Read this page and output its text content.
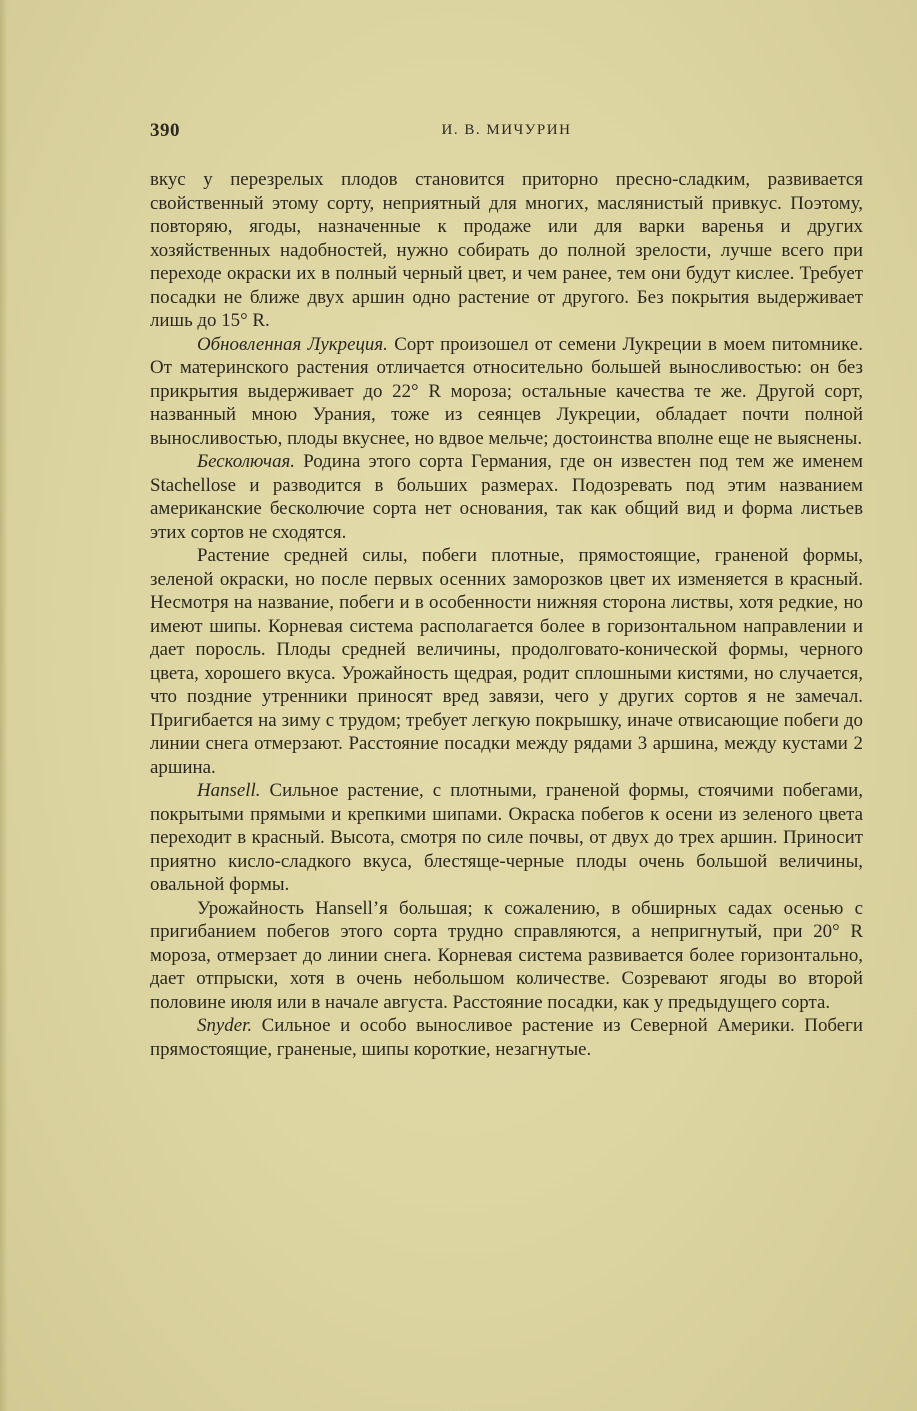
390	И. В. МИЧУРИН

вкус у перезрелых плодов становится приторно пресно-сладким, развивается свойственный этому сорту, неприятный для многих, маслянистый привкус. Поэтому, повторяю, ягоды, назначенные к продаже или для варки варенья и других хозяйственных надобностей, нужно собирать до полной зрелости, лучше всего при переходе окраски их в полный черный цвет, и чем ранее, тем они будут кислее. Требует посадки не ближе двух аршин одно растение от другого. Без покрытия выдерживает лишь до 15° R.

Обновленная Лукреция. Сорт произошел от семени Лукреции в моем питомнике. От материнского растения отличается относительно большей выносливостью: он без прикрытия выдерживает до 22° R мороза; остальные качества те же. Другой сорт, названный мною Урания, тоже из сеянцев Лукреции, обладает почти полной выносливостью, плоды вкуснее, но вдвое мельче; достоинства вполне еще не выяснены.

Бесколючая. Родина этого сорта Германия, где он известен под тем же именем Stachellose и разводится в больших размерах. Подозревать под этим названием американские бесколючие сорта нет основания, так как общий вид и форма листьев этих сортов не сходятся.

Растение средней силы, побеги плотные, прямостоящие, граненой формы, зеленой окраски, но после первых осенних заморозков цвет их изменяется в красный. Несмотря на название, побеги и в особенности нижняя сторона листвы, хотя редкие, но имеют шипы. Корневая система располагается более в горизонтальном направлении и дает поросль. Плоды средней величины, продолговато-конической формы, черного цвета, хорошего вкуса. Урожайность щедрая, родит сплошными кистями, но случается, что поздние утренники приносят вред завязи, чего у других сортов я не замечал. Пригибается на зиму с трудом; требует легкую покрышку, иначе отвисающие побеги до линии снега отмерзают. Расстояние посадки между рядами 3 аршина, между кустами 2 аршина.

Hansell. Сильное растение, с плотными, граненой формы, стоячими побегами, покрытыми прямыми и крепкими шипами. Окраска побегов к осени из зеленого цвета переходит в красный. Высота, смотря по силе почвы, от двух до трех аршин. Приносит приятно кисло-сладкого вкуса, блестяще-черные плоды очень большой величины, овальной формы.

Урожайность Hansell’я большая; к сожалению, в обширных садах осенью с пригибанием побегов этого сорта трудно справляются, а непригнутый, при 20° R мороза, отмерзает до линии снега. Корневая система развивается более горизонтально, дает отпрыски, хотя в очень небольшом количестве. Созревают ягоды во второй половине июля или в начале августа. Расстояние посадки, как у предыдущего сорта.

Snyder. Сильное и особо выносливое растение из Северной Америки. Побеги прямостоящие, граненые, шипы короткие, незагнутые.
